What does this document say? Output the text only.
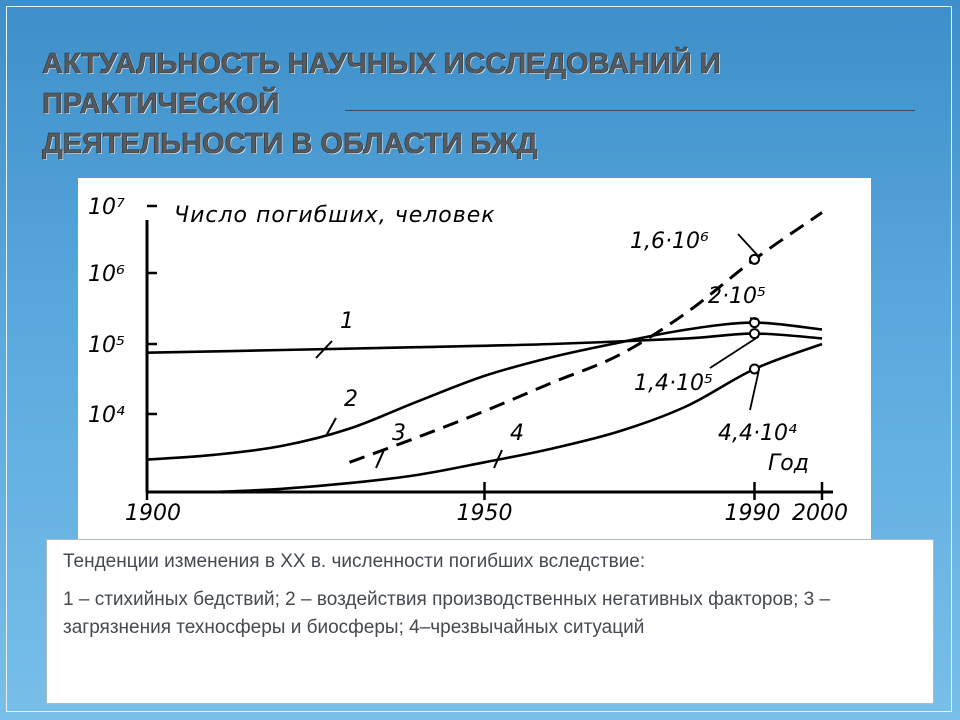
АКТУАЛЬНОСТЬ НАУЧНЫХ ИССЛЕДОВАНИЙ И ПРАКТИЧЕСКОЙ
ДЕЯТЕЛЬНОСТИ В ОБЛАСТИ БЖД
Число погибших, человек
Год
10⁴
10⁵
10⁶
10⁷
1900	1950	1990 2000
1
2
3	4
1,6·10⁶
2·10⁵
1,4·10⁵
4,4·10⁴

Тенденции изменения в XX в. численности погибших вследствие:

1 – стихийных бедствий; 2 – воздействия производственных негативных факторов; 3 – загрязнения техносферы и биосферы; 4–чрезвычайных ситуаций
